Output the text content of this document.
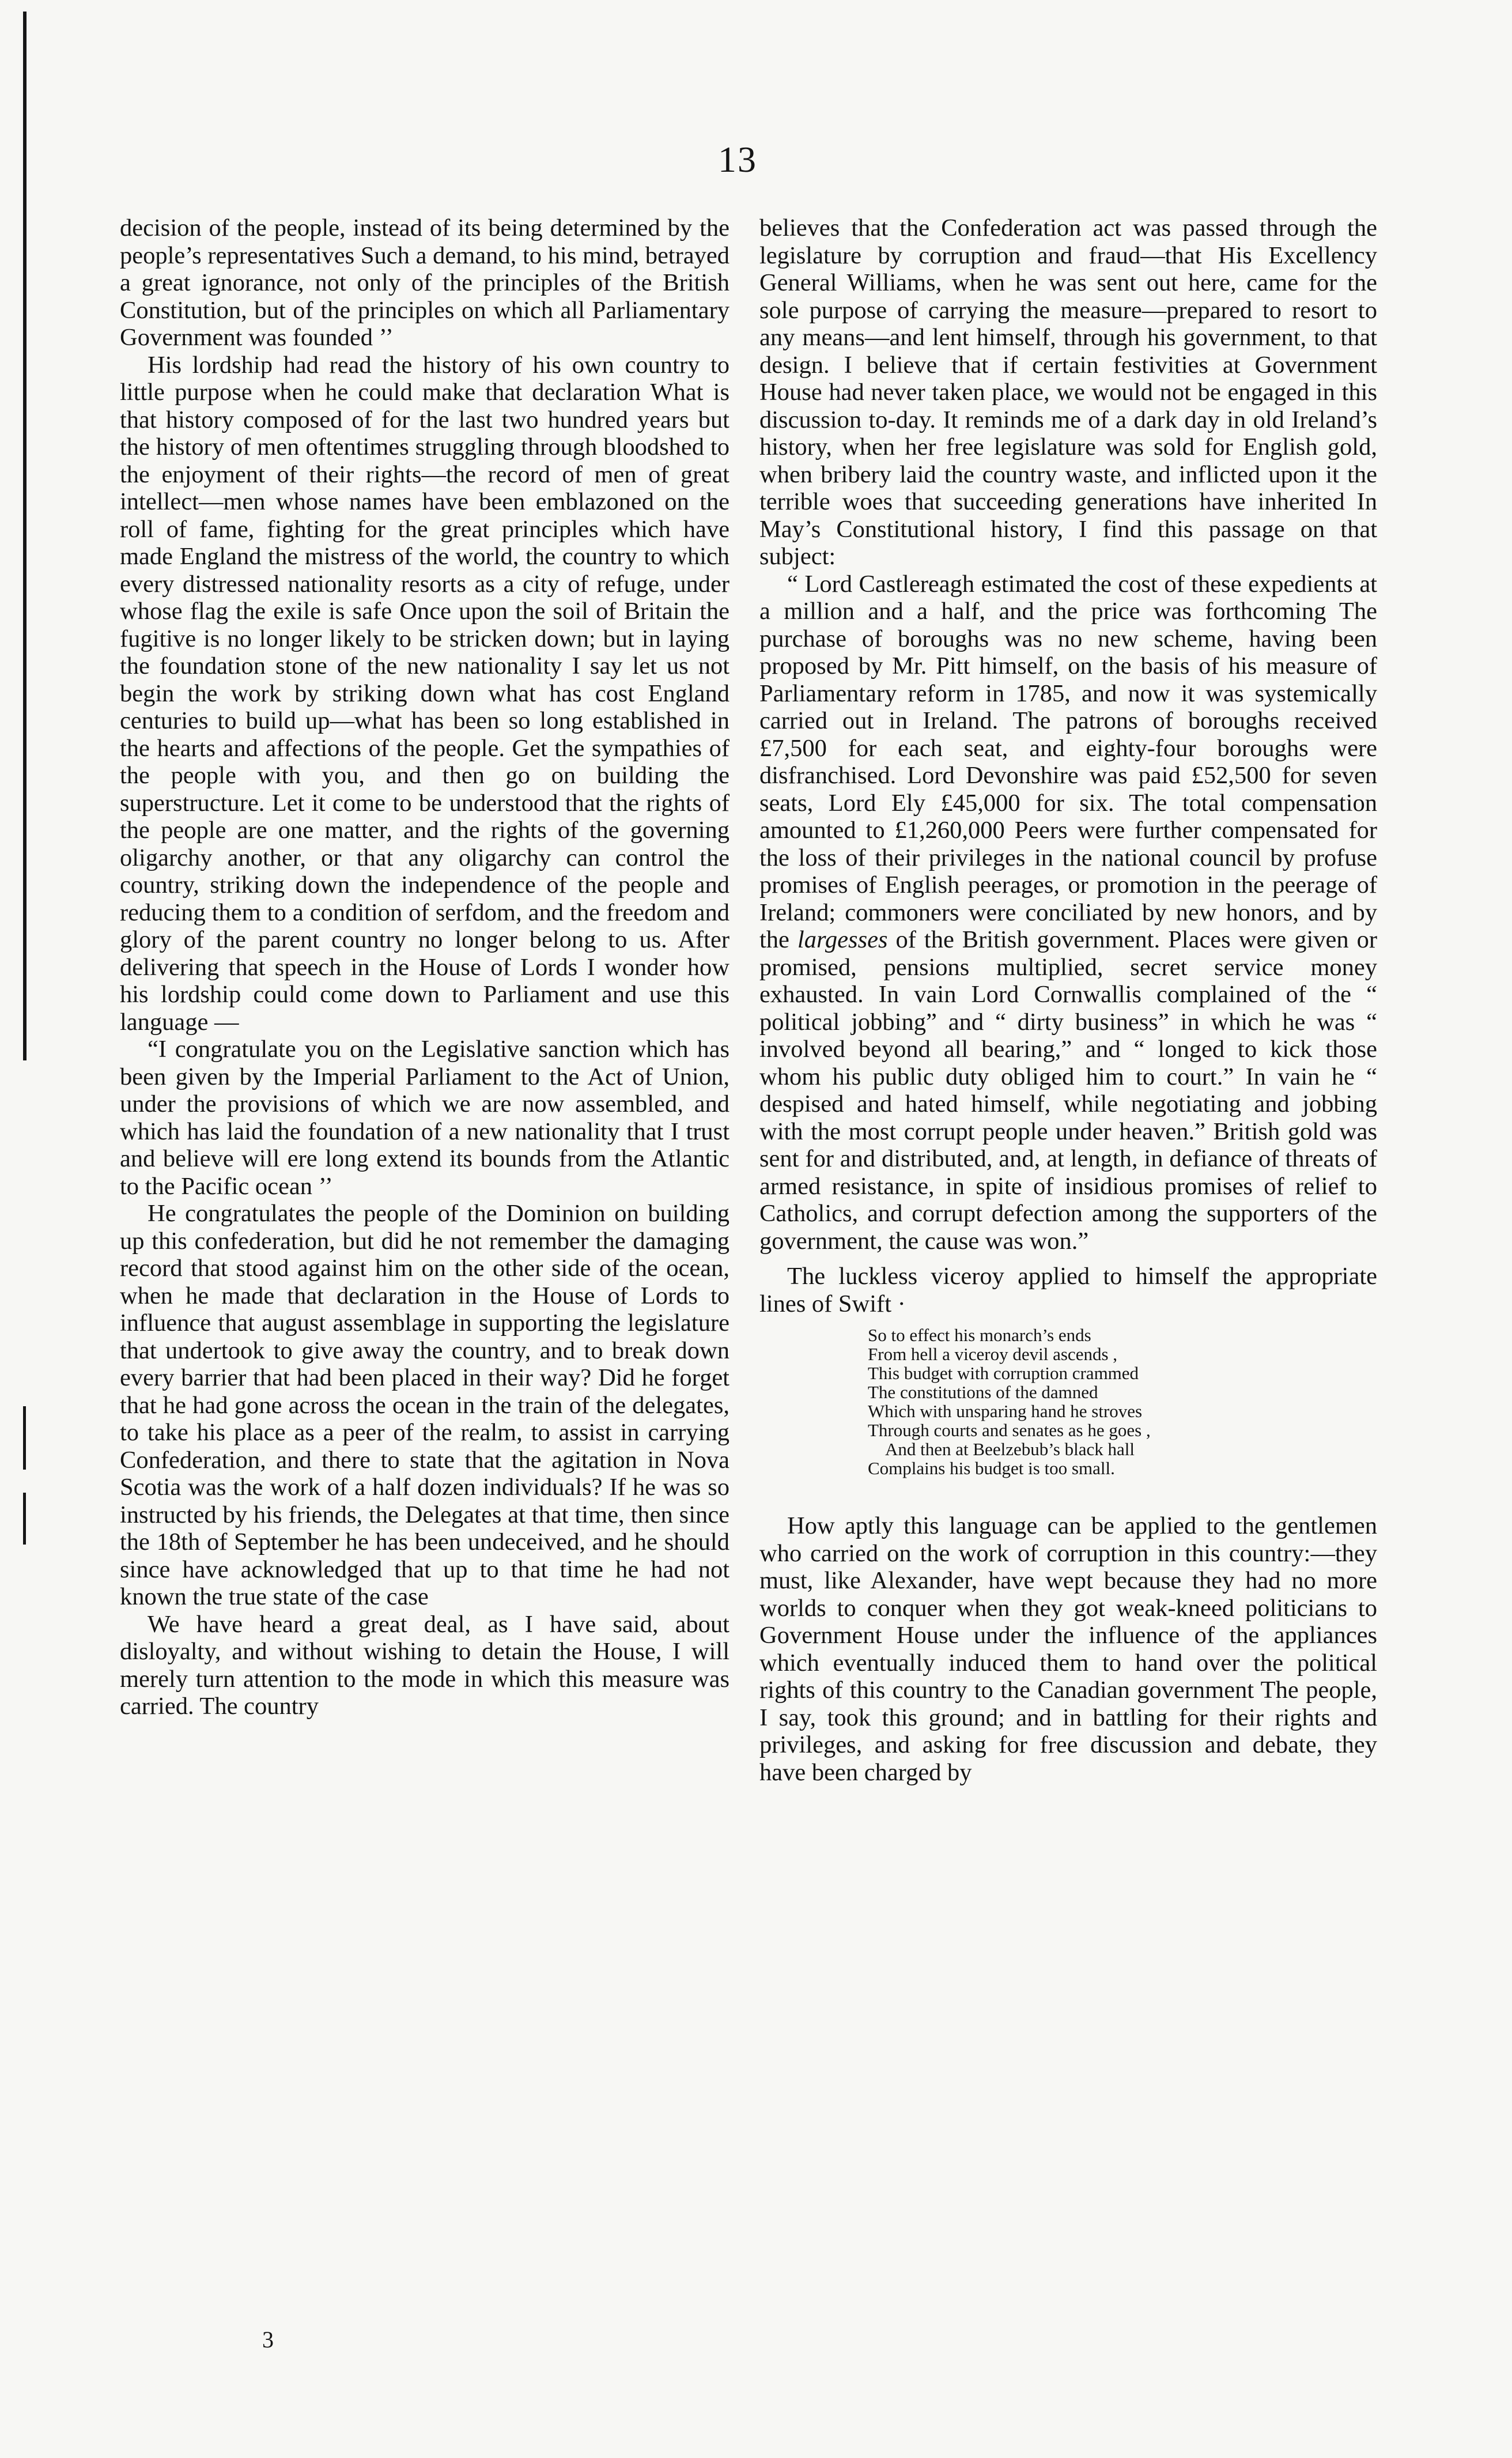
13

decision of the people, instead of its being determined by the people’s representatives Such a demand, to his mind, betrayed a great ignorance, not only of the principles of the British Constitution, but of the principles on which all Parliamentary Government was founded ’’

His lordship had read the history of his own country to little purpose when he could make that declaration What is that history composed of for the last two hundred years but the history of men oftentimes struggling through bloodshed to the enjoyment of their rights—the record of men of great intellect—men whose names have been emblazoned on the roll of fame, fighting for the great principles which have made England the mistress of the world, the country to which every distressed nationality resorts as a city of refuge, under whose flag the exile is safe Once upon the soil of Britain the fugitive is no longer likely to be stricken down; but in laying the foundation stone of the new nationality I say let us not begin the work by striking down what has cost England centuries to build up—what has been so long established in the hearts and affections of the people. Get the sympathies of the people with you, and then go on building the superstructure. Let it come to be understood that the rights of the people are one matter, and the rights of the governing oligarchy another, or that any oligarchy can control the country, striking down the independence of the people and reducing them to a condition of serfdom, and the freedom and glory of the parent country no longer belong to us. After delivering that speech in the House of Lords I wonder how his lordship could come down to Parliament and use this language —

“I congratulate you on the Legislative sanction which has been given by the Imperial Parliament to the Act of Union, under the provisions of which we are now assembled, and which has laid the foundation of a new nationality that I trust and believe will ere long extend its bounds from the Atlantic to the Pacific ocean ’’

He congratulates the people of the Dominion on building up this confederation, but did he not remember the damaging record that stood against him on the other side of the ocean, when he made that declaration in the House of Lords to influence that august assemblage in supporting the legislature that undertook to give away the country, and to break down every barrier that had been placed in their way? Did he forget that he had gone across the ocean in the train of the delegates, to take his place as a peer of the realm, to assist in carrying Confederation, and there to state that the agitation in Nova Scotia was the work of a half dozen individuals? If he was so instructed by his friends, the Delegates at that time, then since the 18th of September he has been undeceived, and he should since have acknowledged that up to that time he had not known the true state of the case

We have heard a great deal, as I have said, about disloyalty, and without wishing to detain the House, I will merely turn attention to the mode in which this measure was carried. The country

believes that the Confederation act was passed through the legislature by corruption and fraud—that His Excellency General Williams, when he was sent out here, came for the sole purpose of carrying the measure—prepared to resort to any means—and lent himself, through his government, to that design. I believe that if certain festivities at Government House had never taken place, we would not be engaged in this discussion to-day. It reminds me of a dark day in old Ireland’s history, when her free legislature was sold for English gold, when bribery laid the country waste, and inflicted upon it the terrible woes that succeeding generations have inherited In May’s Constitutional history, I find this passage on that subject:

“ Lord Castlereagh estimated the cost of these expedients at a million and a half, and the price was forthcoming The purchase of boroughs was no new scheme, having been proposed by Mr. Pitt himself, on the basis of his measure of Parliamentary reform in 1785, and now it was systemically carried out in Ireland. The patrons of boroughs received £7,500 for each seat, and eighty-four boroughs were disfranchised. Lord Devonshire was paid £52,500 for seven seats, Lord Ely £45,000 for six. The total compensation amounted to £1,260,000 Peers were further compensated for the loss of their privileges in the national council by profuse promises of English peerages, or promotion in the peerage of Ireland; commoners were conciliated by new honors, and by the largesses of the British government. Places were given or promised, pensions multiplied, secret service money exhausted. In vain Lord Cornwallis complained of the “ political jobbing” and “ dirty business” in which he was “ involved beyond all bearing,” and “ longed to kick those whom his public duty obliged him to court.” In vain he “ despised and hated himself, while negotiating and jobbing with the most corrupt people under heaven.” British gold was sent for and distributed, and, at length, in defiance of threats of armed resistance, in spite of insidious promises of relief to Catholics, and corrupt defection among the supporters of the government, the cause was won.”

The luckless viceroy applied to himself the appropriate lines of Swift ·

So to effect his monarch’s ends
From hell a viceroy devil ascends ,
This budget with corruption crammed
The constitutions of the damned
Which with unsparing hand he stroves
Through courts and senates as he goes ,
And then at Beelzebub’s black hall
Complains his budget is too small.

How aptly this language can be applied to the gentlemen who carried on the work of corruption in this country:—they must, like Alexander, have wept because they had no more worlds to conquer when they got weak-kneed politicians to Government House under the influence of the appliances which eventually induced them to hand over the political rights of this country to the Canadian government The people, I say, took this ground; and in battling for their rights and privileges, and asking for free discussion and debate, they have been charged by

3
